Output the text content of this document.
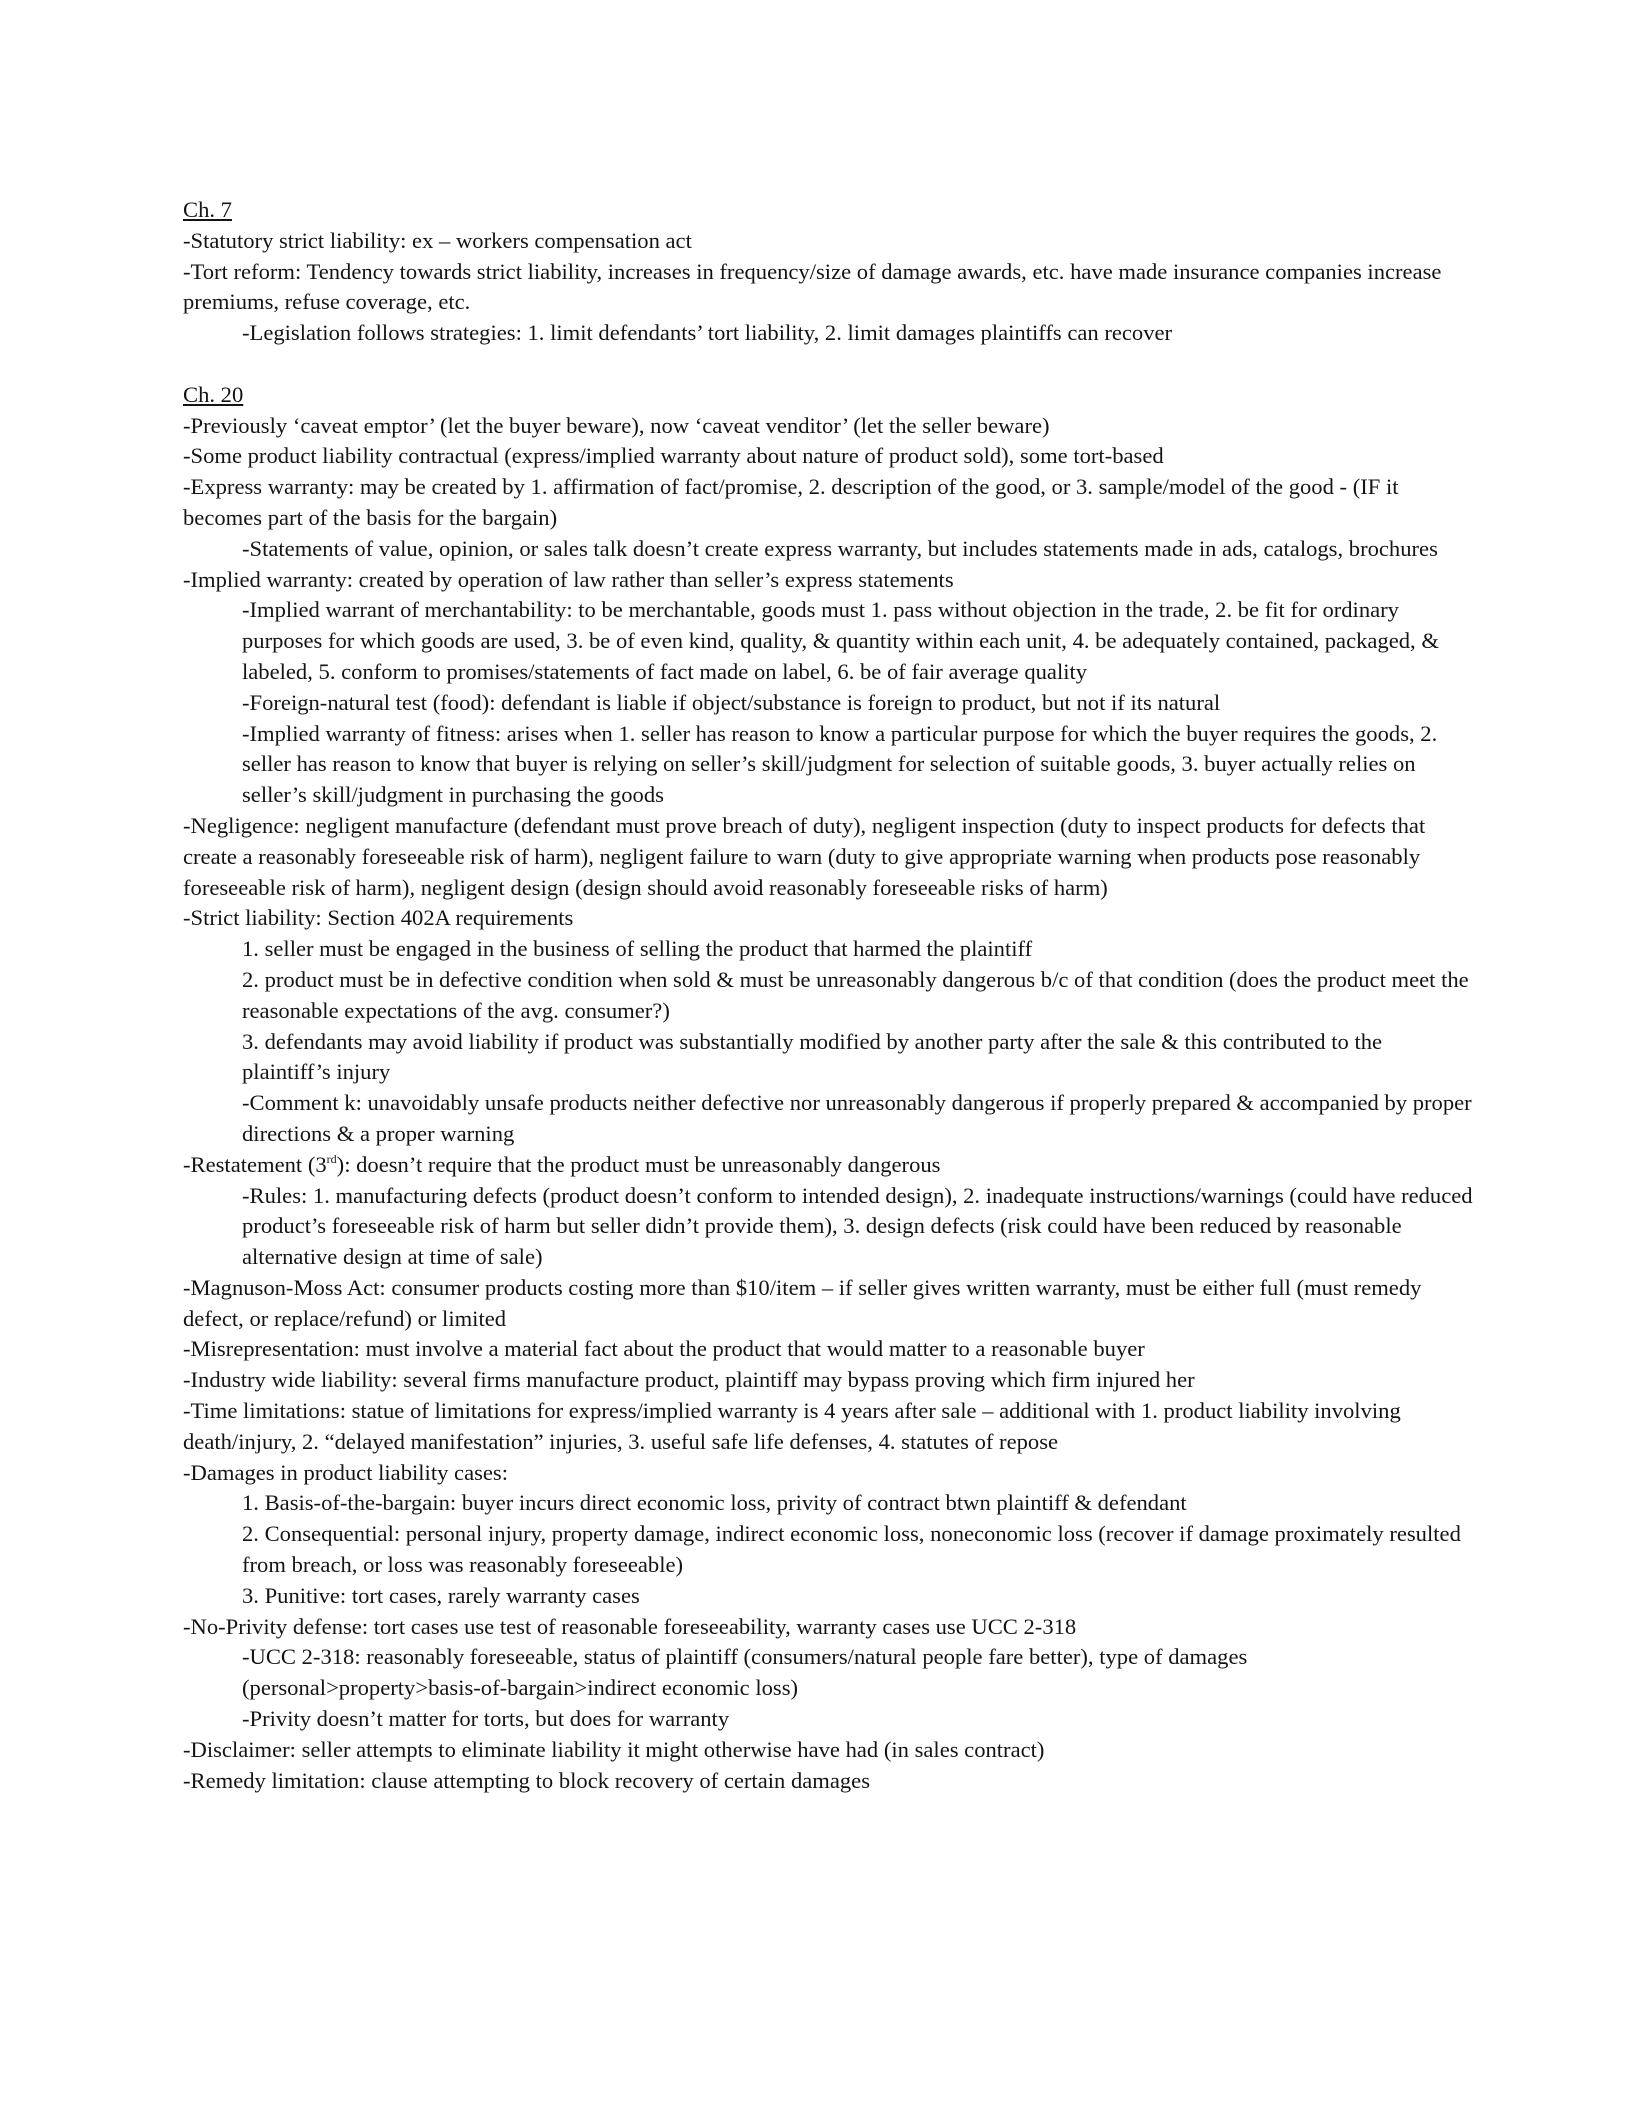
Ch. 7

-Statutory strict liability: ex – workers compensation act

-Tort reform: Tendency towards strict liability, increases in frequency/size of damage awards, etc. have made insurance companies increase premiums, refuse coverage, etc.

-Legislation follows strategies: 1. limit defendants’ tort liability, 2. limit damages plaintiffs can recover

Ch. 20

-Previously ‘caveat emptor’ (let the buyer beware), now ‘caveat venditor’ (let the seller beware)

-Some product liability contractual (express/implied warranty about nature of product sold), some tort-based

-Express warranty: may be created by 1. affirmation of fact/promise, 2. description of the good, or 3. sample/model of the good - (IF it becomes part of the basis for the bargain)

-Statements of value, opinion, or sales talk doesn’t create express warranty, but includes statements made in ads, catalogs, brochures

-Implied warranty: created by operation of law rather than seller’s express statements

-Implied warrant of merchantability: to be merchantable, goods must 1. pass without objection in the trade, 2. be fit for ordinary purposes for which goods are used, 3. be of even kind, quality, & quantity within each unit, 4. be adequately contained, packaged, & labeled, 5. conform to promises/statements of fact made on label, 6. be of fair average quality

-Foreign-natural test (food): defendant is liable if object/substance is foreign to product, but not if its natural

-Implied warranty of fitness: arises when 1. seller has reason to know a particular purpose for which the buyer requires the goods, 2. seller has reason to know that buyer is relying on seller’s skill/judgment for selection of suitable goods, 3. buyer actually relies on seller’s skill/judgment in purchasing the goods

-Negligence: negligent manufacture (defendant must prove breach of duty), negligent inspection (duty to inspect products for defects that create a reasonably foreseeable risk of harm), negligent failure to warn (duty to give appropriate warning when products pose reasonably foreseeable risk of harm), negligent design (design should avoid reasonably foreseeable risks of harm)

-Strict liability: Section 402A requirements

1. seller must be engaged in the business of selling the product that harmed the plaintiff

2. product must be in defective condition when sold & must be unreasonably dangerous b/c of that condition (does the product meet the reasonable expectations of the avg. consumer?)

3. defendants may avoid liability if product was substantially modified by another party after the sale & this contributed to the plaintiff’s injury

-Comment k: unavoidably unsafe products neither defective nor unreasonably dangerous if properly prepared & accompanied by proper directions & a proper warning

-Restatement (3rd): doesn’t require that the product must be unreasonably dangerous

-Rules: 1. manufacturing defects (product doesn’t conform to intended design), 2. inadequate instructions/warnings (could have reduced product’s foreseeable risk of harm but seller didn’t provide them), 3. design defects (risk could have been reduced by reasonable alternative design at time of sale)

-Magnuson-Moss Act: consumer products costing more than $10/item – if seller gives written warranty, must be either full (must remedy defect, or replace/refund) or limited

-Misrepresentation: must involve a material fact about the product that would matter to a reasonable buyer

-Industry wide liability: several firms manufacture product, plaintiff may bypass proving which firm injured her

-Time limitations: statue of limitations for express/implied warranty is 4 years after sale – additional with 1. product liability involving death/injury, 2. “delayed manifestation” injuries, 3. useful safe life defenses, 4. statutes of repose

-Damages in product liability cases:

1. Basis-of-the-bargain: buyer incurs direct economic loss, privity of contract btwn plaintiff & defendant

2. Consequential: personal injury, property damage, indirect economic loss, noneconomic loss (recover if damage proximately resulted from breach, or loss was reasonably foreseeable)

3. Punitive: tort cases, rarely warranty cases

-No-Privity defense: tort cases use test of reasonable foreseeability, warranty cases use UCC 2-318

-UCC 2-318: reasonably foreseeable, status of plaintiff (consumers/natural people fare better), type of damages (personal>property>basis-of-bargain>indirect economic loss)

-Privity doesn’t matter for torts, but does for warranty

-Disclaimer: seller attempts to eliminate liability it might otherwise have had (in sales contract)

-Remedy limitation: clause attempting to block recovery of certain damages
